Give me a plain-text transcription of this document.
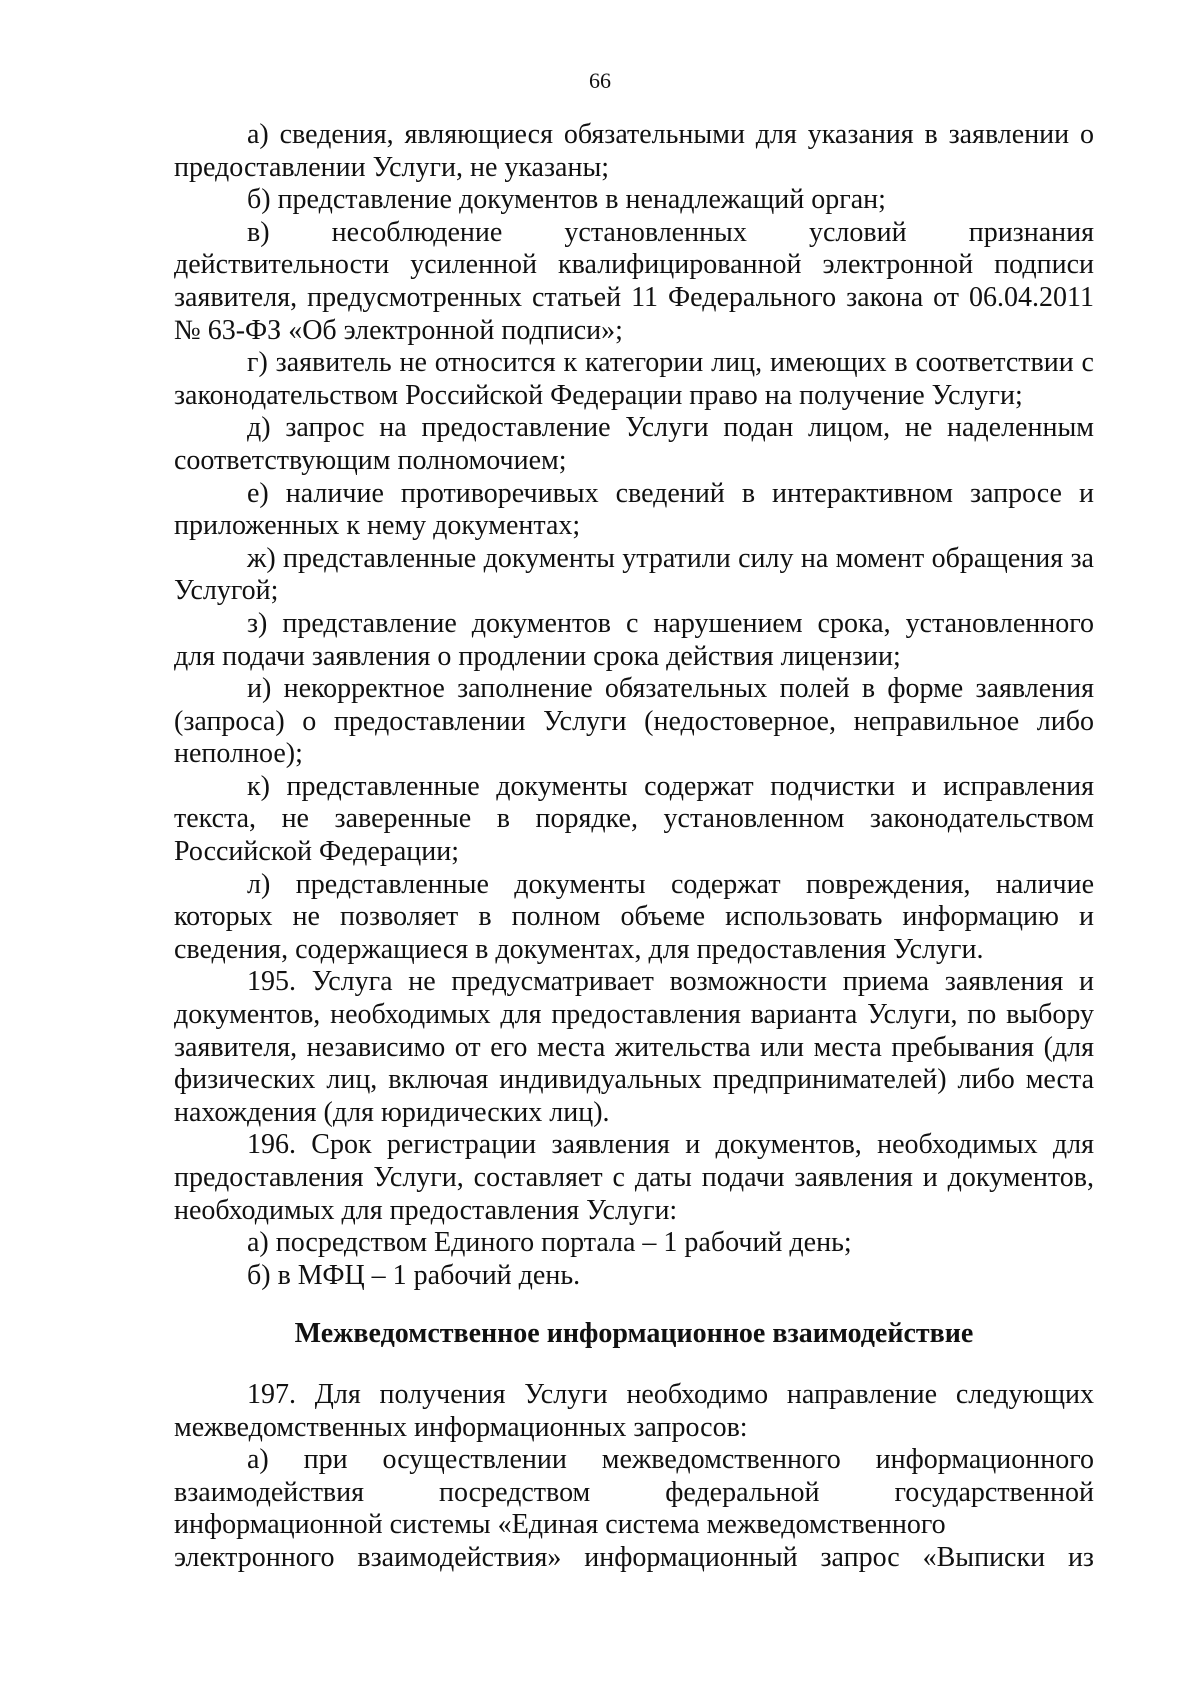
66

а) сведения, являющиеся обязательными для указания в заявлении о предоставлении Услуги, не указаны;

б) представление документов в ненадлежащий орган;

в) несоблюдение установленных условий признания действительности усиленной квалифицированной электронной подписи заявителя, предусмотренных статьей 11 Федерального закона от 06.04.2011 № 63-ФЗ «Об электронной подписи»;

г) заявитель не относится к категории лиц, имеющих в соответствии с законодательством Российской Федерации право на получение Услуги;

д) запрос на предоставление Услуги подан лицом, не наделенным соответствующим полномочием;

е) наличие противоречивых сведений в интерактивном запросе и приложенных к нему документах;

ж) представленные документы утратили силу на момент обращения за Услугой;

з) представление документов с нарушением срока, установленного для подачи заявления о продлении срока действия лицензии;

и) некорректное заполнение обязательных полей в форме заявления (запроса) о предоставлении Услуги (недостоверное, неправильное либо неполное);

к) представленные документы содержат подчистки и исправления текста, не заверенные в порядке, установленном законодательством Российской Федерации;

л) представленные документы содержат повреждения, наличие которых не позволяет в полном объеме использовать информацию и сведения, содержащиеся в документах, для предоставления Услуги.

195. Услуга не предусматривает возможности приема заявления и документов, необходимых для предоставления варианта Услуги, по выбору заявителя, независимо от его места жительства или места пребывания (для физических лиц, включая индивидуальных предпринимателей) либо места нахождения (для юридических лиц).

196. Срок регистрации заявления и документов, необходимых для предоставления Услуги, составляет с даты подачи заявления и документов, необходимых для предоставления Услуги:

а) посредством Единого портала – 1 рабочий день;

б) в МФЦ – 1 рабочий день.

Межведомственное информационное взаимодействие

197. Для получения Услуги необходимо направление следующих межведомственных информационных запросов:

а) при осуществлении межведомственного информационного взаимодействия посредством федеральной государственной информационной системы «Единая система межведомственного

электронного взаимодействия» информационный запрос «Выписки из
